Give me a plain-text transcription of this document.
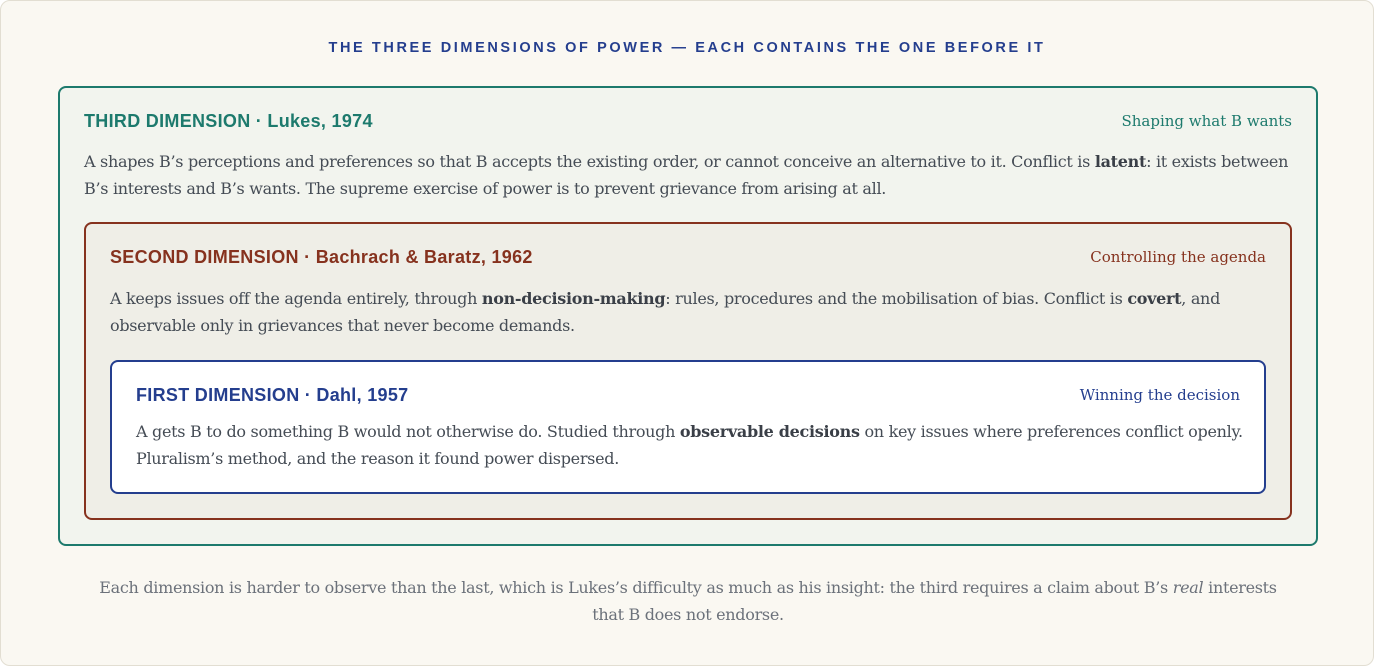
THE THREE DIMENSIONS OF POWER — EACH CONTAINS THE ONE BEFORE IT
THIRD DIMENSION · Lukes, 1974	Shaping what B wants
A shapes B’s perceptions and preferences so that B accepts the existing order, or cannot conceive an alternative to it. Conflict is latent: it exists between B’s interests and B’s wants. The supreme exercise of power is to prevent grievance from arising at all.
SECOND DIMENSION · Bachrach & Baratz, 1962	Controlling the agenda
A keeps issues off the agenda entirely, through non-decision-making: rules, procedures and the mobilisation of bias. Conflict is covert, and observable only in grievances that never become demands.
FIRST DIMENSION · Dahl, 1957	Winning the decision
A gets B to do something B would not otherwise do. Studied through observable decisions on key issues where preferences conflict openly. Pluralism’s method, and the reason it found power dispersed.
Each dimension is harder to observe than the last, which is Lukes’s difficulty as much as his insight: the third requires a claim about B’s real interests that B does not endorse.
